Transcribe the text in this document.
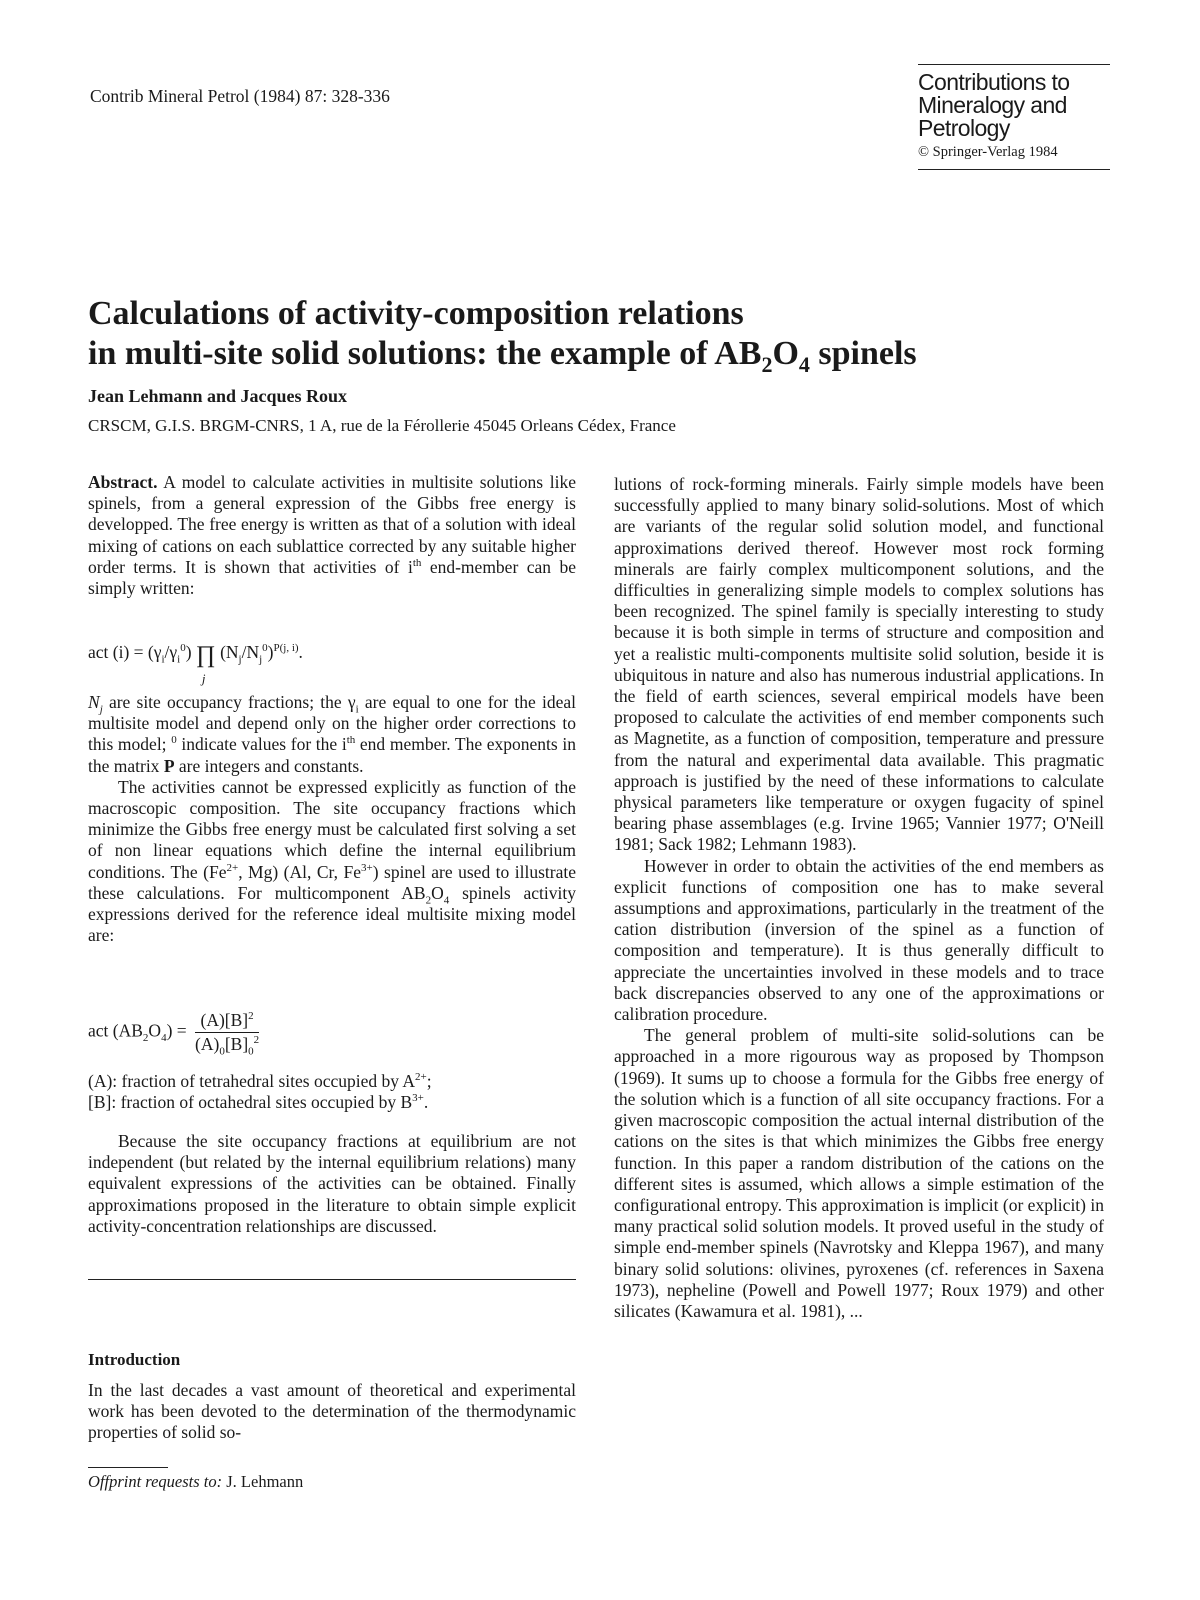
Contrib Mineral Petrol (1984) 87: 328-336
Contributions to
Mineralogy and
Petrology
© Springer-Verlag 1984
Calculations of activity-composition relations
in multi-site solid solutions: the example of $AB_2O_4$ spinels
Jean Lehmann and Jacques Roux
CRSCM, G.I.S. BRGM-CNRS, 1 A, rue de la Férollerie 45045 Orleans Cédex, France

Abstract. A model to calculate activities in multisite solutions like spinels, from a general expression of the Gibbs free energy is developped. The free energy is written as that of a solution with ideal mixing of cations on each sublattice corrected by any suitable higher order terms. It is shown that activities of $i^{th}$ end-member can be simply written:

act $(i) = (\gamma_i/\gamma_i^0)$ ∏
j
$(N_j/N_j^0)^{P(j, i)}$.

$N_j$ are site occupancy fractions; the $\gamma_i$ are equal to one for the ideal multisite model and depend only on the higher order corrections to this model; $^0$ indicate values for the $i^{th}$ end member. The exponents in the matrix P are integers and constants.

The activities cannot be expressed explicitly as function of the macroscopic composition. The site occupancy fractions which minimize the Gibbs free energy must be calculated first solving a set of non linear equations which define the internal equilibrium conditions. The ($Fe^{2+}$, Mg) (Al, Cr, $Fe^{3+}$) spinel are used to illustrate these calculations. For multicomponent $AB_2O_4$ spinels activity expressions derived for the reference ideal multisite mixing model are:

act $(AB_2O_4) = \frac{(A)[B]^2}{(A)_0[B]_0^2}$

(A): fraction of tetrahedral sites occupied by $A^{2+}$;

[B]: fraction of octahedral sites occupied by $B^{3+}$.

Because the site occupancy fractions at equilibrium are not independent (but related by the internal equilibrium relations) many equivalent expressions of the activities can be obtained. Finally approximations proposed in the literature to obtain simple explicit activity-concentration relationships are discussed.

Introduction

In the last decades a vast amount of theoretical and experimental work has been devoted to the determination of the thermodynamic properties of solid so-

Offprint requests to: J. Lehmann

lutions of rock-forming minerals. Fairly simple models have been successfully applied to many binary solid-solutions. Most of which are variants of the regular solid solution model, and functional approximations derived thereof. However most rock forming minerals are fairly complex multicomponent solutions, and the difficulties in generalizing simple models to complex solutions has been recognized. The spinel family is specially interesting to study because it is both simple in terms of structure and composition and yet a realistic multi-components multisite solid solution, beside it is ubiquitous in nature and also has numerous industrial applications. In the field of earth sciences, several empirical models have been proposed to calculate the activities of end member components such as Magnetite, as a function of composition, temperature and pressure from the natural and experimental data available. This pragmatic approach is justified by the need of these informations to calculate physical parameters like temperature or oxygen fugacity of spinel bearing phase assemblages (e.g. Irvine 1965; Vannier 1977; O'Neill 1981; Sack 1982; Lehmann 1983).

However in order to obtain the activities of the end members as explicit functions of composition one has to make several assumptions and approximations, particularly in the treatment of the cation distribution (inversion of the spinel as a function of composition and temperature). It is thus generally difficult to appreciate the uncertainties involved in these models and to trace back discrepancies observed to any one of the approximations or calibration procedure.

The general problem of multi-site solid-solutions can be approached in a more rigourous way as proposed by Thompson (1969). It sums up to choose a formula for the Gibbs free energy of the solution which is a function of all site occupancy fractions. For a given macroscopic composition the actual internal distribution of the cations on the sites is that which minimizes the Gibbs free energy function. In this paper a random distribution of the cations on the different sites is assumed, which allows a simple estimation of the configurational entropy. This approximation is implicit (or explicit) in many practical solid solution models. It proved useful in the study of simple end-member spinels (Navrotsky and Kleppa 1967), and many binary solid solutions: olivines, pyroxenes (cf. references in Saxena 1973), nepheline (Powell and Powell 1977; Roux 1979) and other silicates (Kawamura et al. 1981), ...
